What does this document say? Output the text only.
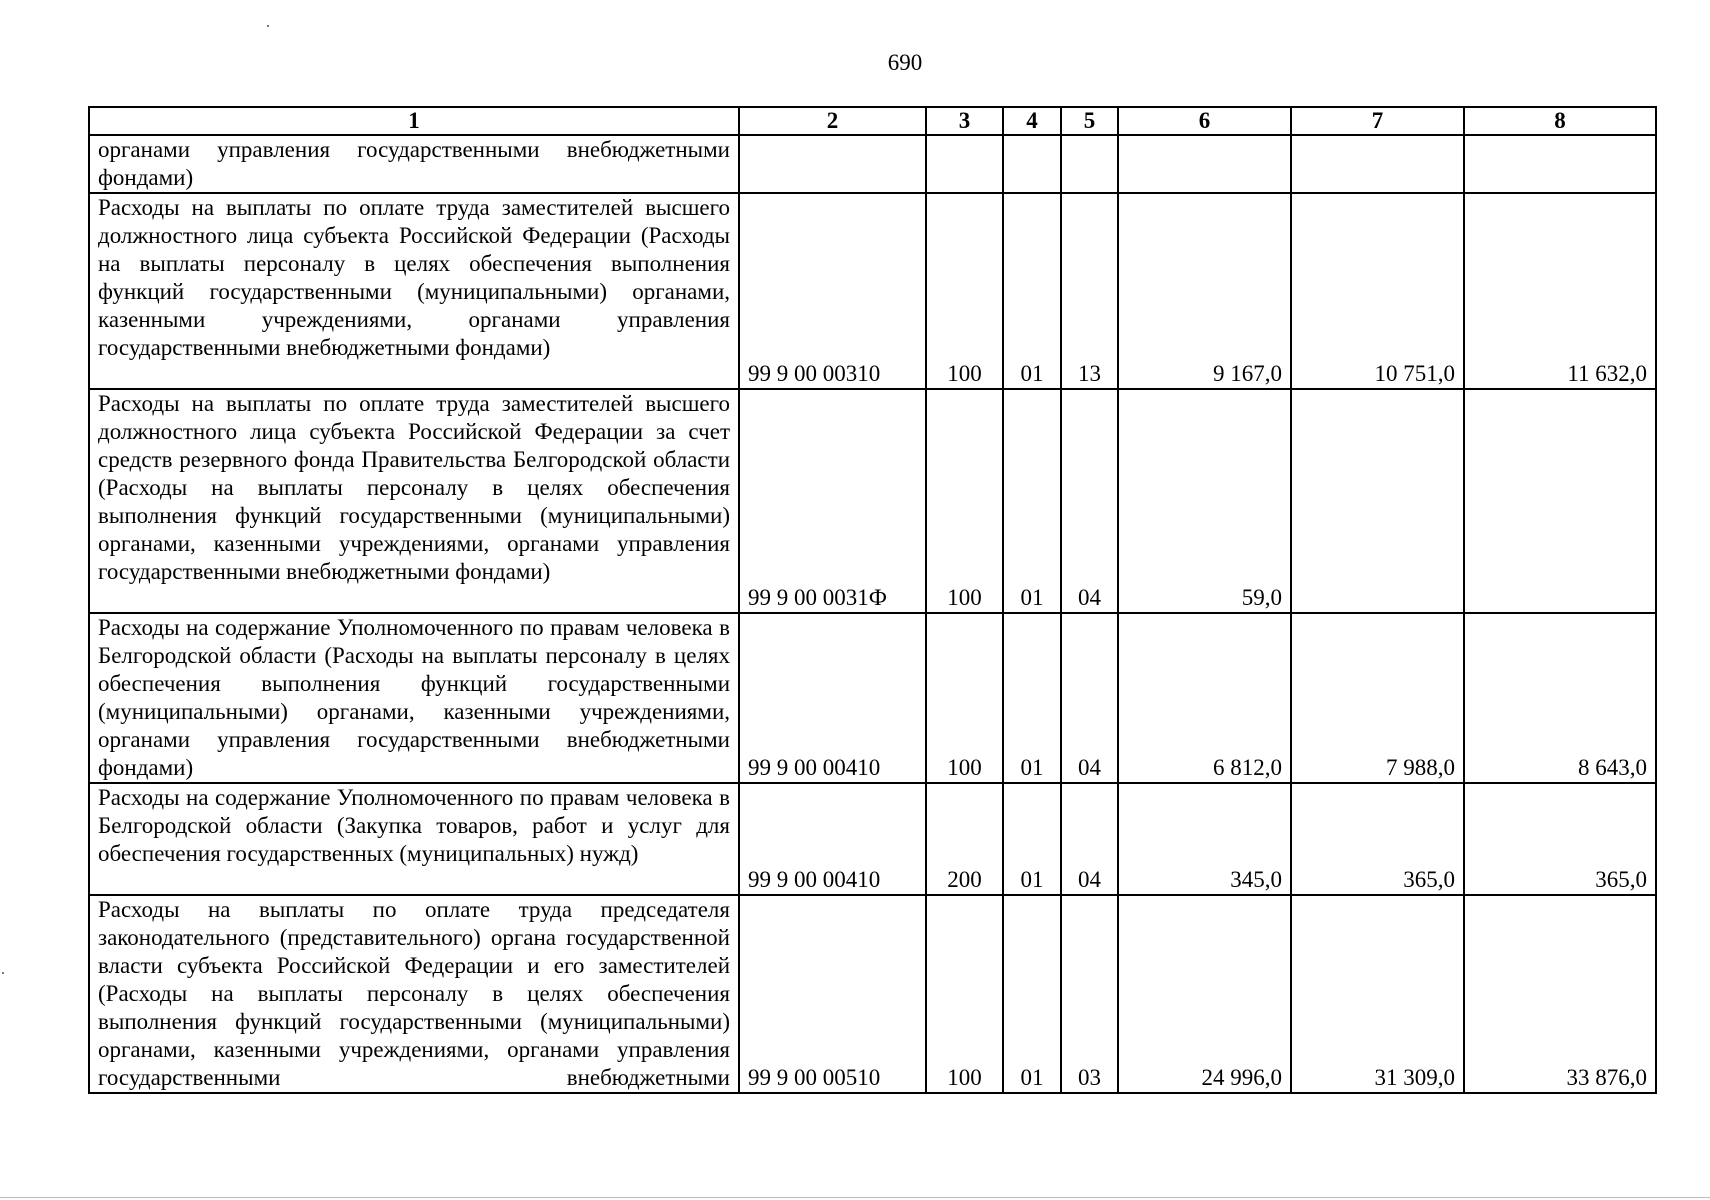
690
1	2	3	4	5	6	7	8
органами управления государственными внебюджетными фондами)							
Расходы на выплаты по оплате труда заместителей высшего должностного лица субъекта Российской Федерации (Расходы на выплаты персоналу в целях обеспечения выполнения функций государственными (муниципальными) органами, казенными учреждениями, органами управления государственными внебюджетными фондами)	99 9 00 00310	100	01	13	9 167,0	10 751,0	11 632,0
Расходы на выплаты по оплате труда заместителей высшего должностного лица субъекта Российской Федерации за счет средств резервного фонда Правительства Белгородской области (Расходы на выплаты персоналу в целях обеспечения выполнения функций государственными (муниципальными) органами, казенными учреждениями, органами управления государственными внебюджетными фондами)	99 9 00 0031Ф	100	01	04	59,0		
Расходы на содержание Уполномоченного по правам человека в Белгородской области (Расходы на выплаты персоналу в целях обеспечения выполнения функций государственными (муниципальными) органами, казенными учреждениями, органами управления государственными внебюджетными фондами)	99 9 00 00410	100	01	04	6 812,0	7 988,0	8 643,0
Расходы на содержание Уполномоченного по правам человека в Белгородской области (Закупка товаров, работ и услуг для обеспечения государственных (муниципальных) нужд)	99 9 00 00410	200	01	04	345,0	365,0	365,0
Расходы на выплаты по оплате труда председателя законодательного (представительного) органа государственной власти субъекта Российской Федерации и его заместителей (Расходы на выплаты персоналу в целях обеспечения выполнения функций государственными (муниципальными) органами, казенными учреждениями, органами управления государственными внебюджетными	99 9 00 00510	100	01	03	24 996,0	31 309,0	33 876,0
